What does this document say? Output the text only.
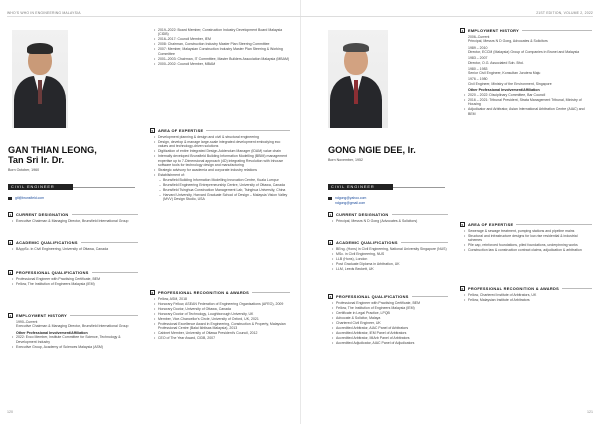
WHO'S WHO IN ENGINEERING MALAYSIA
GAN THIAN LEONG,
Tan Sri Ir. Dr.
Born October, 1960
CIVIL ENGINEER
gtl@brunsfield.com
1	CURRENT DESIGNATION
• Executive Chairman & Managing Director, Brunsfield International Group
2	ACADEMIC QUALIFICATIONS
• BAppSc. in Civil Engineering, University of Ottawa, Canada
3	PROFESSIONAL QUALIFICATIONS
• Professional Engineer with Practising Certificate, BEM
• Fellow, The Institution of Engineers Malaysia (IEM)
4	EMPLOYMENT HISTORY
1990–Current
Executive Chairman & Managing Director, Brunsfield International Group
Other Professional Involvement/Affiliation
• 2022: Exco Member, Institute Committee for Science, Technology & Development Industry
• Executive Group, Academy of Sciences Malaysia (ASM)
• 2019–2022: Board Member, Construction Industry Development Board Malaysia (CIDB)
• 2016–2017: Council Member, IEM
• 2008: Chairman, Construction Industry Master Plan Steering Committee
• 2007: Member, Malaysian Construction Industry Master Plan Steering & Working Committee
• 2001–2003: Chairman, IT Committee, Master Builders Association Malaysia (MBAM)
• 2000–2002: Council Member, MBAM
5	AREA OF EXPERTISE
• Development planning & design and civil & structural engineering
• Design, develop & manage large-scale integrated development embodying eco values and technology-driven solutions
• Digitization of entire Integrated Design-Addendum Manager (IDAM) value chain
• Internally developed Brunsfield Building Information Modelling (BBIM) management expertise up to 7-Dimensional approach (4D) integrating Revolution with Inhouse software tools for technology design and manufacturing
• Strategic advisory for academia and corporate industry relations
• Establishment of:
– Brunsfield Building Information Modelling Innovation Centre, Kuala Lumpur
– Brunsfield Engineering Entrepreneurship Centre, University of Ottawa, Canada
– Brunsfield Tsinghua Construction Management Lab, Tsinghua University, China
– Harvard University, Harvard Graduate School of Design – Malaysia Vision Valley (MVV) Design Studio, USA
6	PROFESSIONAL RECOGNITION & AWARDS
• Fellow, ASM, 2018
• Honorary Fellow, ASEAN Federation of Engineering Organisations (AFEO), 2009
• Honorary Doctor, University of Ottawa, Canada
• Honorary Doctor of Technology, Loughborough University, UK
• Member, Vice-Chancellor's Circle, University of Oxford, UK, 2021
• Professional Excellence Award in Engineering, Construction & Property, Malaysian Professional Centre (Balai Ikhtisas Malaysia), 2013
• Cabinet Member, University of Ottawa President's Council, 2012
• CEO of The Year Award, CIDB, 2007
120
21ST EDITION, VOLUME 2, 2022
GONG NGIE DEE, Ir.
Born November, 1952
CIVIL ENGINEER
ndgong@yahoo.com
ndgong@gmail.com
1	CURRENT DESIGNATION
• Principal, Messrs N D Gong (Advocates & Solicitors)
2	ACADEMIC QUALIFICATIONS
• BEng. (Hons) in Civil Engineering, National University Singapore (NUS)
• MSc. in Civil Engineering, NUS
• LLB (Hons), London
• Post Graduate Diploma in Arbitration, UK
• LLM, Leeds Beckett, UK
3	PROFESSIONAL QUALIFICATIONS
• Professional Engineer with Practising Certificate, BEM
• Fellow, The Institution of Engineers Malaysia (IEM)
• Certificate in Legal Practice, LPQB
• Advocate & Solicitor, Malaya
• Chartered Civil Engineer, UK
• Accredited Arbitrator, AIAC Panel of Arbitrators
• Accredited Arbitrator, IEM Panel of Arbitrators
• Accredited Arbitrator, MIArb Panel of Arbitrators
• Accredited Adjudicator, AIAC Panel of Adjudicators
4	EMPLOYMENT HISTORY
2006–Current
Principal, Messrs N D Gong, Advocates & Solicitors
1989 – 2010
Director, ECCM (Malaysia) Group of Companies in Brunei and Malaysia
1983 – 2007
Director, O.G. Associated Sdn. Bhd.
1980 – 1983
Senior Civil Engineer, Konsultan Jurutera Maju
1976 – 1980
Civil Engineer, Ministry of the Environment, Singapore
Other Professional Involvement/Affiliation
• 2020 – 2022: Disciplinary Committee, Bar Council
• 2016 – 2021: Tribunal President, Strata Management Tribunal, Ministry of Housing
• Adjudicator and Arbitrator, Asian International Arbitration Centre (AIAC) and BEM
5	AREA OF EXPERTISE
• Sewerage & sewage treatment, pumping stations and pipeline mains
• Structural and infrastructure designs for low-rise residential & industrial schemes
• Pile cap, reinforced foundations, piled foundations, underpinning works
• Construction law & construction contract claims, adjudication & arbitration
6	PROFESSIONAL RECOGNITION & AWARDS
• Fellow, Chartered Institute of Arbitrators, UK
• Fellow, Malaysian Institute of Arbitrators
121
